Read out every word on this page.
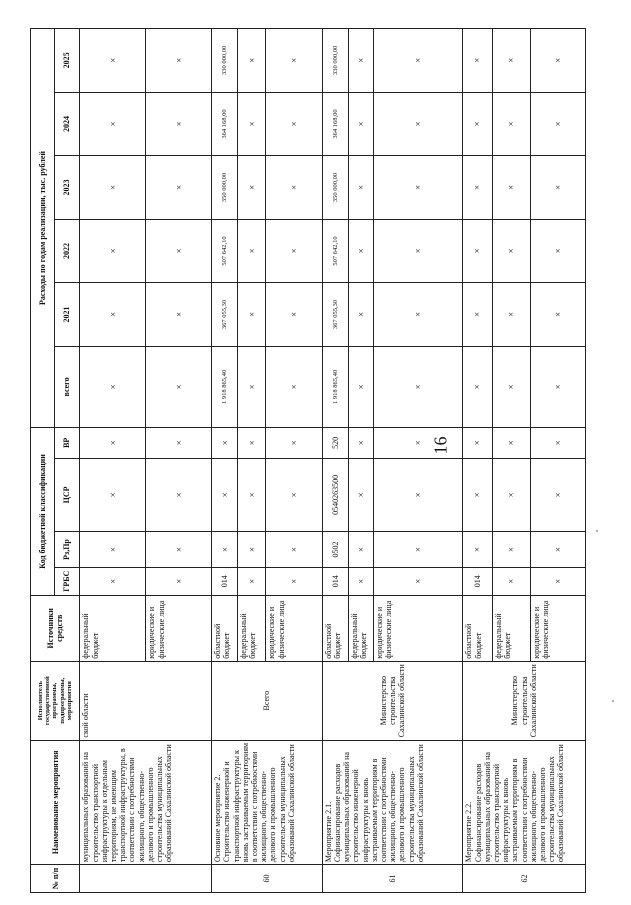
16
№ п/п	Наименование мероприятия	Исполнитель государственной программы, подпрограммы, мероприятия	Источники средств	Код бюджетной классификации				Расходы по годам реализации, тыс. рублей					
				ГРБС	Рз,Пр	ЦСР	ВР	всего	2021	2022	2023	2024	2025
	муниципальных образований на строительство транспортной инфраструктуры к отдельным территориям, не имеющим транспортной инфраструктуры, в соответствии с потребностями жилищного, общественно-делового и промышленного строительства муниципальных образований Сахалинской области	ской области	федеральный бюджет	×	×	×	×	×	×	×	×	×	×
			юридические и физические лица	×	×	×	×	×	×	×	×	×	×
60	Основное мероприятие 2. Строительство инженерной и транспортной инфраструктуры к вновь застраиваемым территориям в соответствии с потребностями жилищного, общественно-делового и промышленного строительства муниципальных образований Сахалинской области	Всего	областной бюджет	014	×	×	×	1 918 865,40	367 055,30	507 642,10	350 000,00	364 168,00	330 000,00
			федеральный бюджет	×	×	×	×	×	×	×	×	×	×
			юридические и физические лица	×	×	×	×	×	×	×	×	×	×
61	Мероприятие 2.1. Софинансирование расходов муниципальных образований на строительство инженерной инфраструктуры к вновь застраиваемым территориям в соответствии с потребностями жилищного, общественно-делового и промышленного строительства муниципальных образований Сахалинской области	Министерство строительства Сахалинской области	областной бюджет	014	0502	0540263500	520	1 918 865,40	367 055,30	507 642,10	350 000,00	364 168,00	330 000,00
			федеральный бюджет	×	×	×	×	×	×	×	×	×	×
			юридические и физические лица	×	×	×	×	×	×	×	×	×	×
62	Мероприятие 2.2. Софинансирование расходов муниципальных образований на строительство транспортной инфраструктуры к вновь застраиваемым территориям в соответствии с потребностями жилищного, общественно-делового и промышленного строительства муниципальных образований Сахалинской области	Министерство строительства Сахалинской области	областной бюджет	014	×	×	×	×	×	×	×	×	×
			федеральный бюджет	×	×	×	×	×	×	×	×	×	×
			юридические и физические лица	×	×	×	×	×	×	×	×	×	×
